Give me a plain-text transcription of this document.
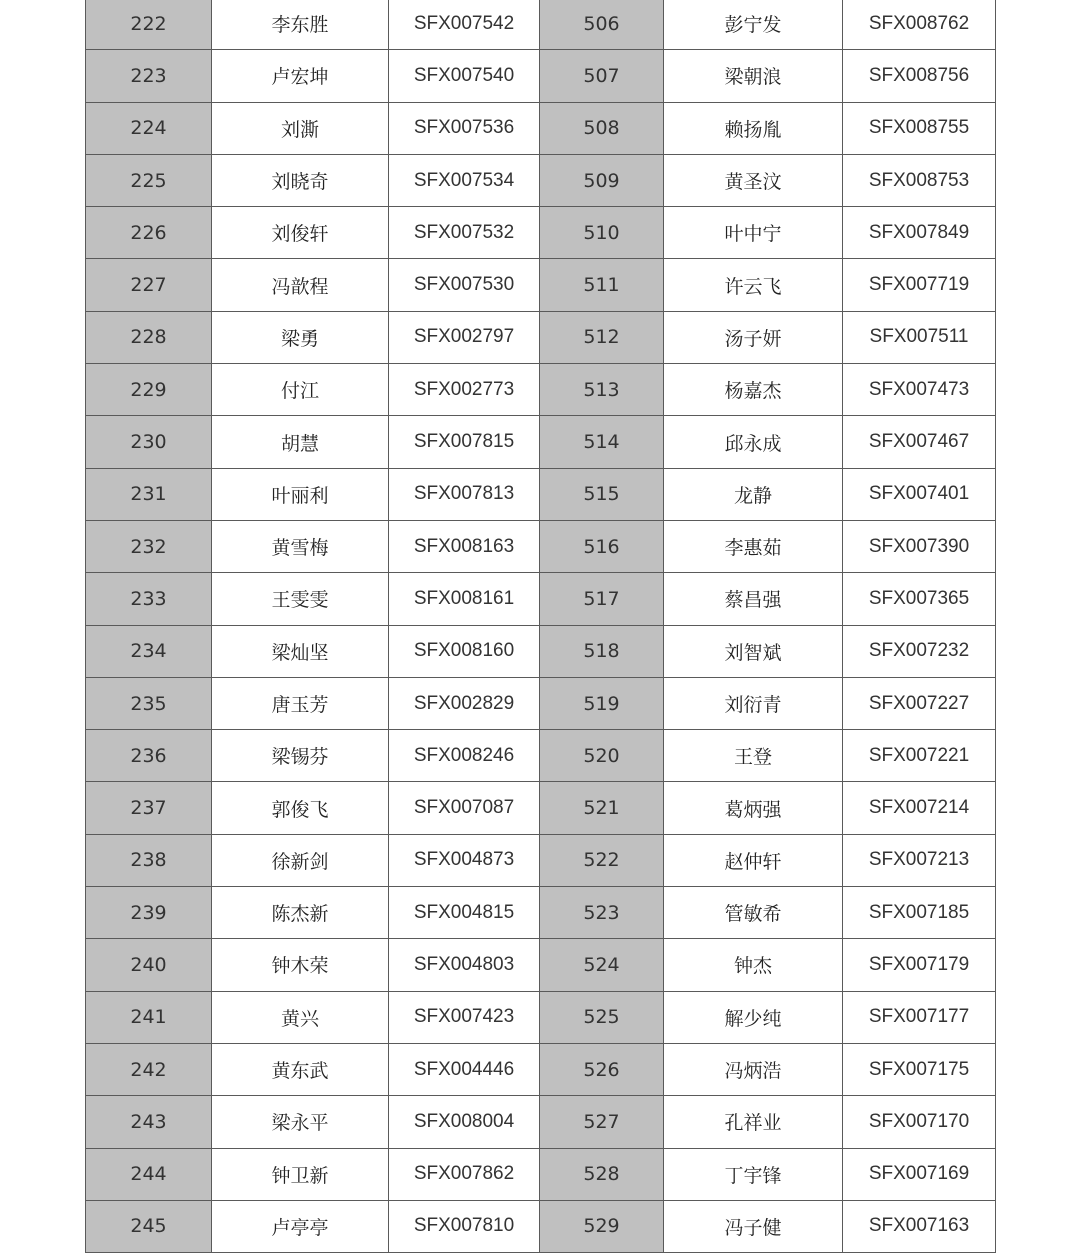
222	李东胜	SFX007542	506	彭宁发	SFX008762
223	卢宏坤	SFX007540	507	梁朝浪	SFX008756
224	刘澌	SFX007536	508	赖扬胤	SFX008755
225	刘晓奇	SFX007534	509	黄圣汶	SFX008753
226	刘俊轩	SFX007532	510	叶中宁	SFX007849
227	冯歆程	SFX007530	511	许云飞	SFX007719
228	梁勇	SFX002797	512	汤子妍	SFX007511
229	付江	SFX002773	513	杨嘉杰	SFX007473
230	胡慧	SFX007815	514	邱永成	SFX007467
231	叶丽利	SFX007813	515	龙静	SFX007401
232	黄雪梅	SFX008163	516	李惠茹	SFX007390
233	王雯雯	SFX008161	517	蔡昌强	SFX007365
234	梁灿坚	SFX008160	518	刘智斌	SFX007232
235	唐玉芳	SFX002829	519	刘衍青	SFX007227
236	梁锡芬	SFX008246	520	王登	SFX007221
237	郭俊飞	SFX007087	521	葛炳强	SFX007214
238	徐新剑	SFX004873	522	赵仲轩	SFX007213
239	陈杰新	SFX004815	523	管敏希	SFX007185
240	钟木荣	SFX004803	524	钟杰	SFX007179
241	黄兴	SFX007423	525	解少纯	SFX007177
242	黄东武	SFX004446	526	冯炳浩	SFX007175
243	梁永平	SFX008004	527	孔祥业	SFX007170
244	钟卫新	SFX007862	528	丁宇锋	SFX007169
245	卢亭亭	SFX007810	529	冯子健	SFX007163
